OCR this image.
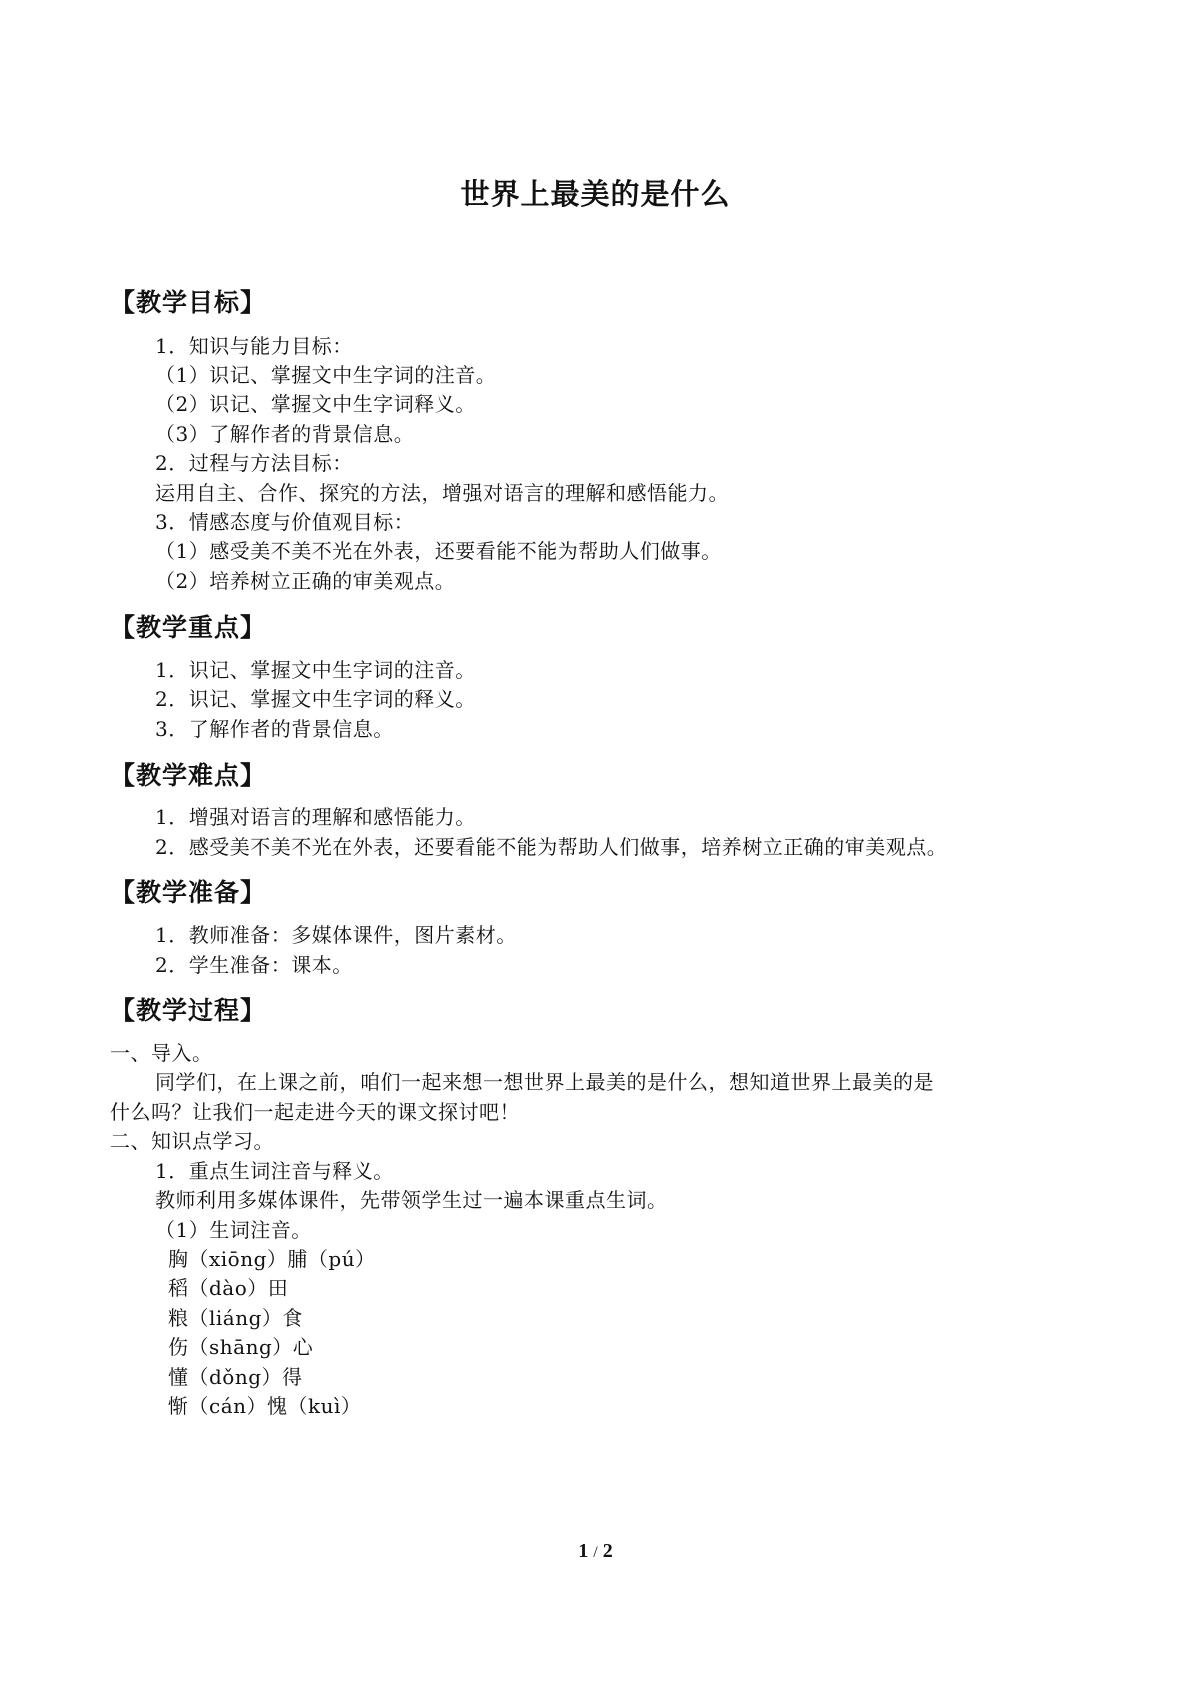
世界上最美的是什么
【教学目标】
1．知识与能力目标：
（1）识记、掌握文中生字词的注音。
（2）识记、掌握文中生字词释义。
（3）了解作者的背景信息。
2．过程与方法目标：
运用自主、合作、探究的方法，增强对语言的理解和感悟能力。
3．情感态度与价值观目标：
（1）感受美不美不光在外表，还要看能不能为帮助人们做事。
（2）培养树立正确的审美观点。
【教学重点】
1．识记、掌握文中生字词的注音。
2．识记、掌握文中生字词的释义。
3．了解作者的背景信息。
【教学难点】
1．增强对语言的理解和感悟能力。
2．感受美不美不光在外表，还要看能不能为帮助人们做事，培养树立正确的审美观点。
【教学准备】
1．教师准备：多媒体课件，图片素材。
2．学生准备：课本。
【教学过程】
一、导入。
同学们，在上课之前，咱们一起来想一想世界上最美的是什么，想知道世界上最美的是
什么吗？让我们一起走进今天的课文探讨吧！
二、知识点学习。
1．重点生词注音与释义。
教师利用多媒体课件，先带领学生过一遍本课重点生词。
（1）生词注音。
胸（xiōng）脯（pú）
稻（dào）田
粮（liáng）食
伤（shāng）心
懂（dǒng）得
惭（cán）愧（kuì）
1 / 2
